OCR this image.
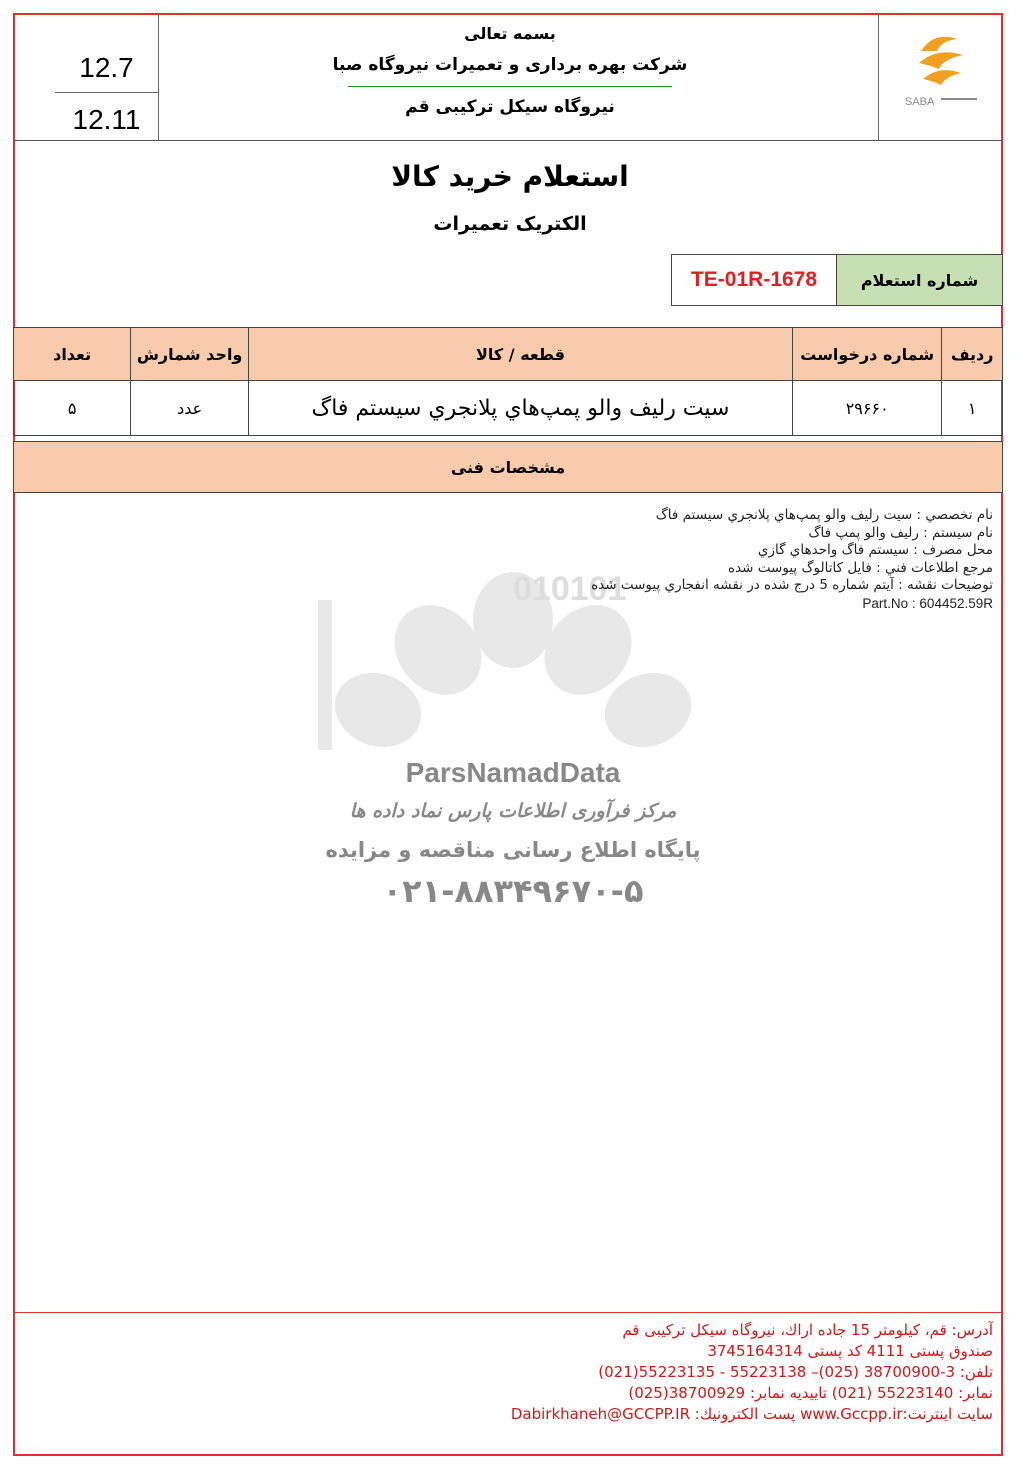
12.7
12.11
SABA
بسمه تعالی
شرکت بهره برداری و تعمیرات نیروگاه صبا
نیروگاه سیکل ترکیبی قم
استعلام خرید کالا
الکتریک تعمیرات
شماره استعلام
TE-01R-1678
ردیف	شماره درخواست	قطعه / کالا	واحد شمارش	تعداد
۱	۲۹۶۶۰	سيت رليف والو پمپ‌هاي پلانجري سيستم فاگ	عدد	۵
مشخصات فنی
010101
ParsNamadData
مرکز فرآوری اطلاعات پارس نماد داده ها
پایگاه اطلاع رسانی مناقصه و مزایده
۰۲۱-۸۸۳۴۹۶۷۰-۵
نام تخصصي : سيت رليف والو پمپ‌هاي پلانجري سيستم فاگ
نام سيستم : رليف والو پمپ فاگ
محل مصرف : سيستم فاگ واحدهاي گازي
مرجع اطلاعات فني : فايل كاتالوگ پيوست شده
توضيحات نقشه : آيتم شماره 5 درج شده در نقشه انفجاري پيوست شده
Part.No : 604452.59R
آدرس: قم، كيلومتر 15 جاده اراك، نيروگاه سيكل تركيبی قم
صندوق پستی 4111 كد پستی 3745164314
تلفن: 3-38700900 (025)– 55223138 - 55223135(021)
نمابر: 55223140 (021) تاييديه نمابر: 38700929(025)
سايت اينترنت:www.Gccpp.ir پست الكترونيك: Dabirkhaneh@GCCPP.IR
